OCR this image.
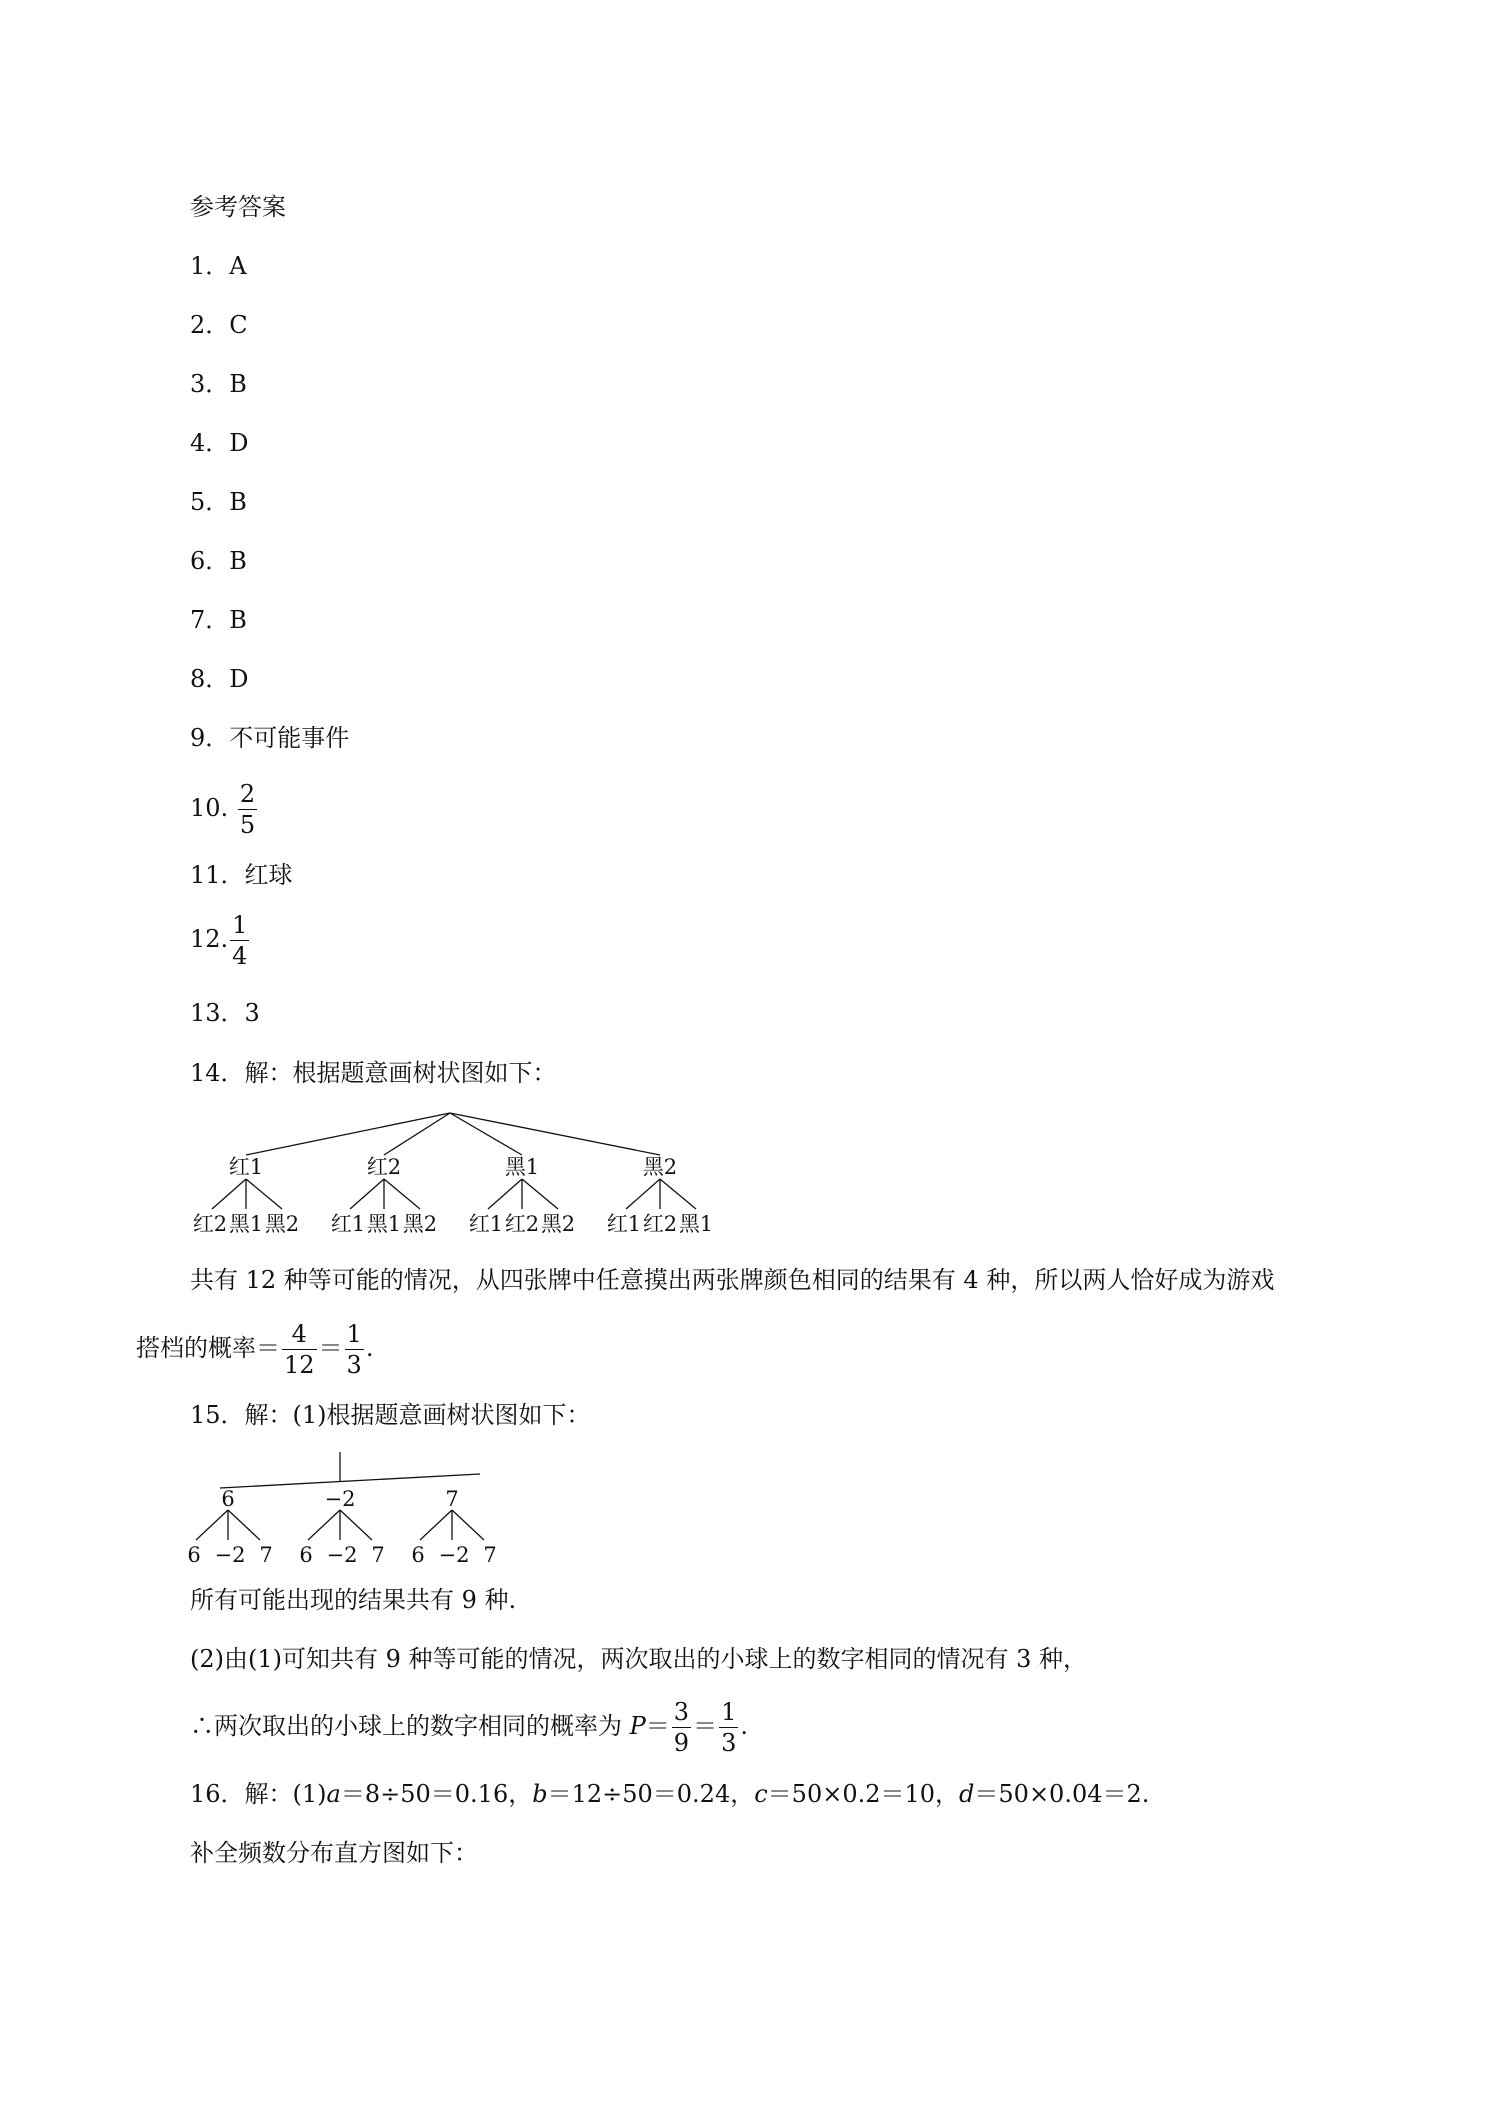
参考答案
1．A
2．C
3．B
4．D
5．B
6．B
7．B
8．D
9．不可能事件
10. $\frac{2}{5}$
11．红球
12. $\frac{1}{4}$
13．3
14．解：根据题意画树状图如下：
红1	红2	黑1	黑2
红2 黑1 黑2 红1 黑1 黑2 红1 红2 黑2 红1 红2 黑1
共有 12 种等可能的情况，从四张牌中任意摸出两张牌颜色相同的结果有 4 种，所以两人恰好成为游戏
搭档的概率＝ $\frac{4}{12} = \frac{1}{3}$ .
15．解：(1)根据题意画树状图如下：
6	−2	7
6 −2 7 6 −2 7 6 −2 7
所有可能出现的结果共有 9 种.
(2)由(1)可知共有 9 种等可能的情况，两次取出的小球上的数字相同的情况有 3 种，
∴两次取出的小球上的数字相同的概率为 $P= \frac{3}{9} = \frac{1}{3}$ .
16．解：(1)a＝8÷50＝0.16，b＝12÷50＝0.24，c＝50×0.2＝10，d＝50×0.04＝2.
补全频数分布直方图如下：
